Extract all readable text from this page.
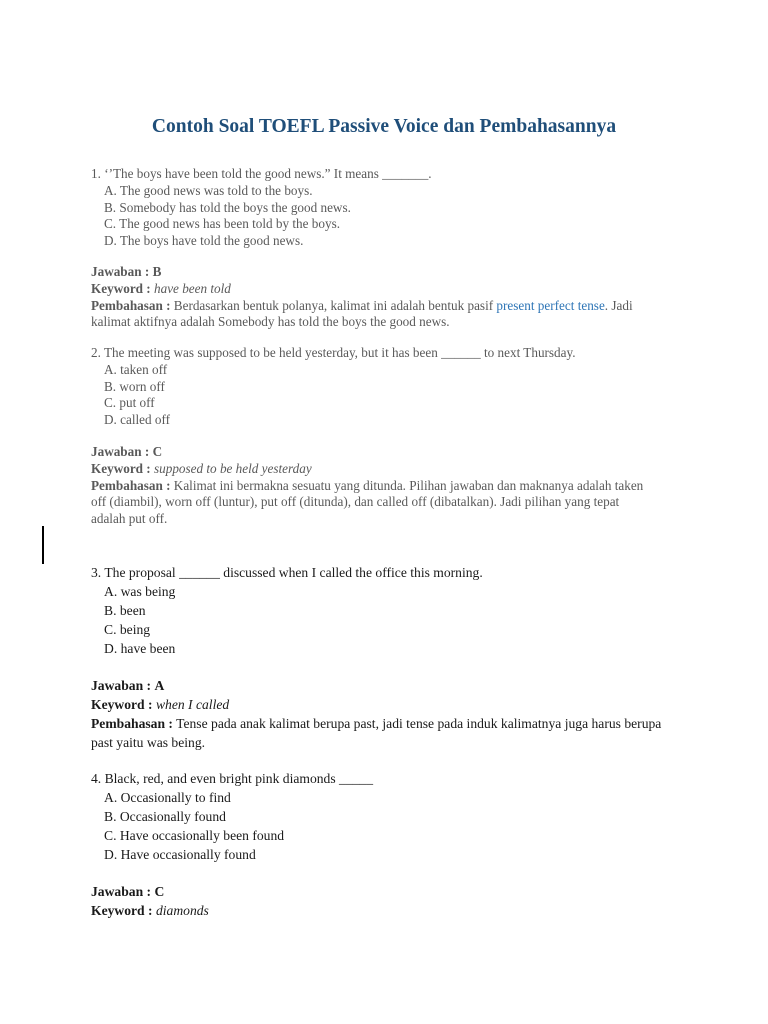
Contoh Soal TOEFL Passive Voice dan Pembahasannya
1. ‘’The boys have been told the good news.” It means _______.
A. The good news was told to the boys.
B. Somebody has told the boys the good news.
C. The good news has been told by the boys.
D. The boys have told the good news.
Jawaban : B
Keyword : have been told
Pembahasan : Berdasarkan bentuk polanya, kalimat ini adalah bentuk pasif present perfect tense. Jadi
kalimat aktifnya adalah Somebody has told the boys the good news.
2. The meeting was supposed to be held yesterday, but it has been ______ to next Thursday.
A. taken off
B. worn off
C. put off
D. called off
Jawaban : C
Keyword : supposed to be held yesterday
Pembahasan : Kalimat ini bermakna sesuatu yang ditunda. Pilihan jawaban dan maknanya adalah taken
off (diambil), worn off (luntur), put off (ditunda), dan called off (dibatalkan). Jadi pilihan yang tepat
adalah put off.
3. The proposal ______ discussed when I called the office this morning.
A. was being
B. been
C. being
D. have been
Jawaban : A
Keyword : when I called
Pembahasan : Tense pada anak kalimat berupa past, jadi tense pada induk kalimatnya juga harus berupa
past yaitu was being.
4. Black, red, and even bright pink diamonds _____
A. Occasionally to find
B. Occasionally found
C. Have occasionally been found
D. Have occasionally found
Jawaban : C
Keyword : diamonds
